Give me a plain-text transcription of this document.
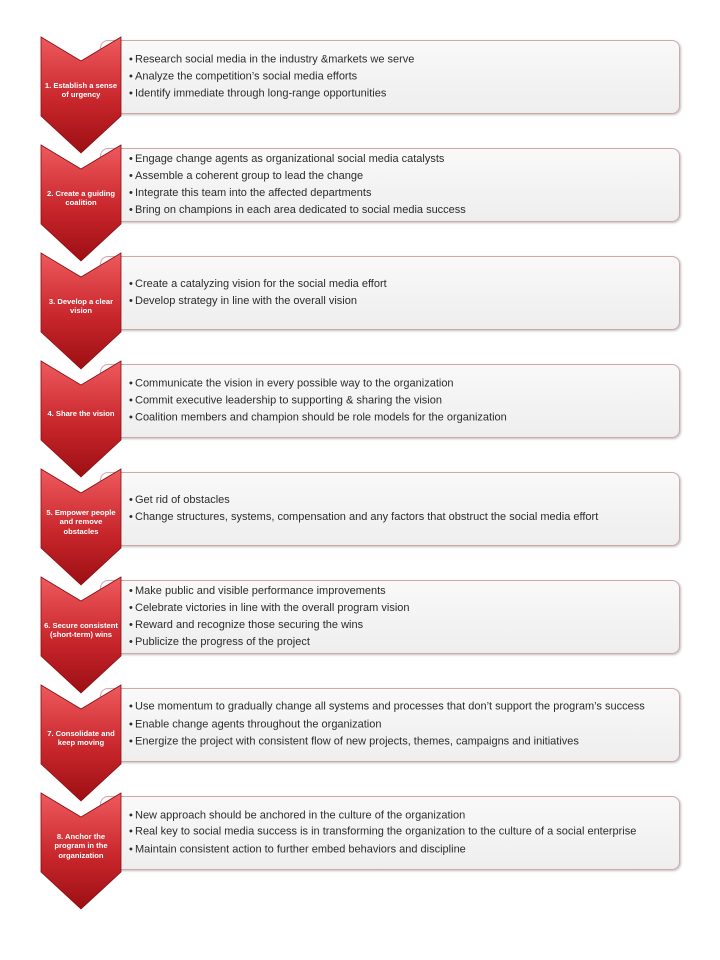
• Research social media in the industry &markets we serve
• Analyze the competition’s social media efforts
• Identify immediate through long-range opportunities
1. Establish a sense of urgency
• Engage change agents as organizational social media catalysts
• Assemble a coherent group to lead the change
• Integrate this team into the affected departments
• Bring on champions in each area dedicated to social media success
2. Create a guiding coalition
• Create a catalyzing vision for the social media effort
• Develop strategy in line with the overall vision
3. Develop a clear vision
• Communicate the vision in every possible way to the organization
• Commit executive leadership to supporting & sharing the vision
• Coalition members and champion should be role models for the organization
4. Share the vision
• Get rid of obstacles
• Change structures, systems, compensation and any factors that obstruct the social media effort
5. Empower people and remove obstacles
• Make public and visible performance improvements
• Celebrate victories in line with the overall program vision
• Reward and recognize those securing the wins
• Publicize the progress of the project
6. Secure consistent (short-term) wins
• Use momentum to gradually change all systems and processes that don’t support the program’s success
• Enable change agents throughout the organization
• Energize the project with consistent flow of new projects, themes, campaigns and initiatives
7. Consolidate and keep moving
• New approach should be anchored in the culture of the organization
• Real key to social media success is in transforming the organization to the culture of a social enterprise
• Maintain consistent action to further embed behaviors and discipline
8. Anchor the program in the organization
